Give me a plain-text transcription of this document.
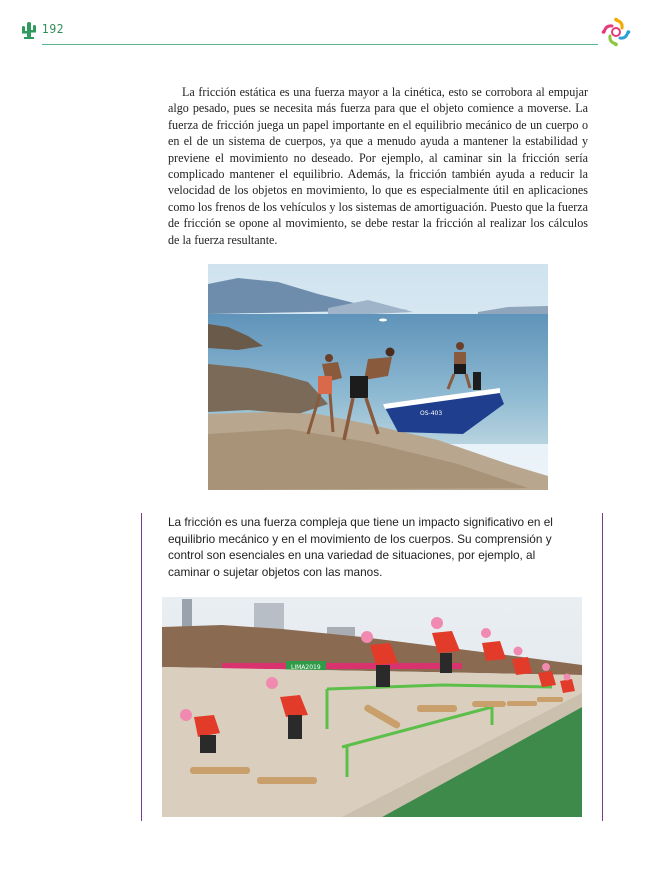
192

La fricción estática es una fuerza mayor a la cinética, esto se corrobora al empujar algo pesado, pues se necesita más fuerza para que el objeto comience a moverse. La fuerza de fricción juega un papel importante en el equilibrio mecánico de un cuerpo o en el de un sistema de cuerpos, ya que a menudo ayuda a mantener la estabilidad y previene el movimiento no deseado. Por ejemplo, al caminar sin la fricción sería complicado mantener el equilibrio. Además, la fricción también ayuda a reducir la velocidad de los objetos en movimiento, lo que es especialmente útil en aplicaciones como los frenos de los vehículos y los sistemas de amortiguación. Puesto que la fuerza de fricción se opone al movimiento, se debe restar la fricción al realizar los cálculos de la fuerza resultante.

OS-403

La fricción es una fuerza compleja que tiene un impacto significativo en el equilibrio mecánico y en el movimiento de los cuerpos. Su comprensión y control son esenciales en una variedad de situaciones, por ejemplo, al caminar o sujetar objetos con las manos.

LIMA2019
